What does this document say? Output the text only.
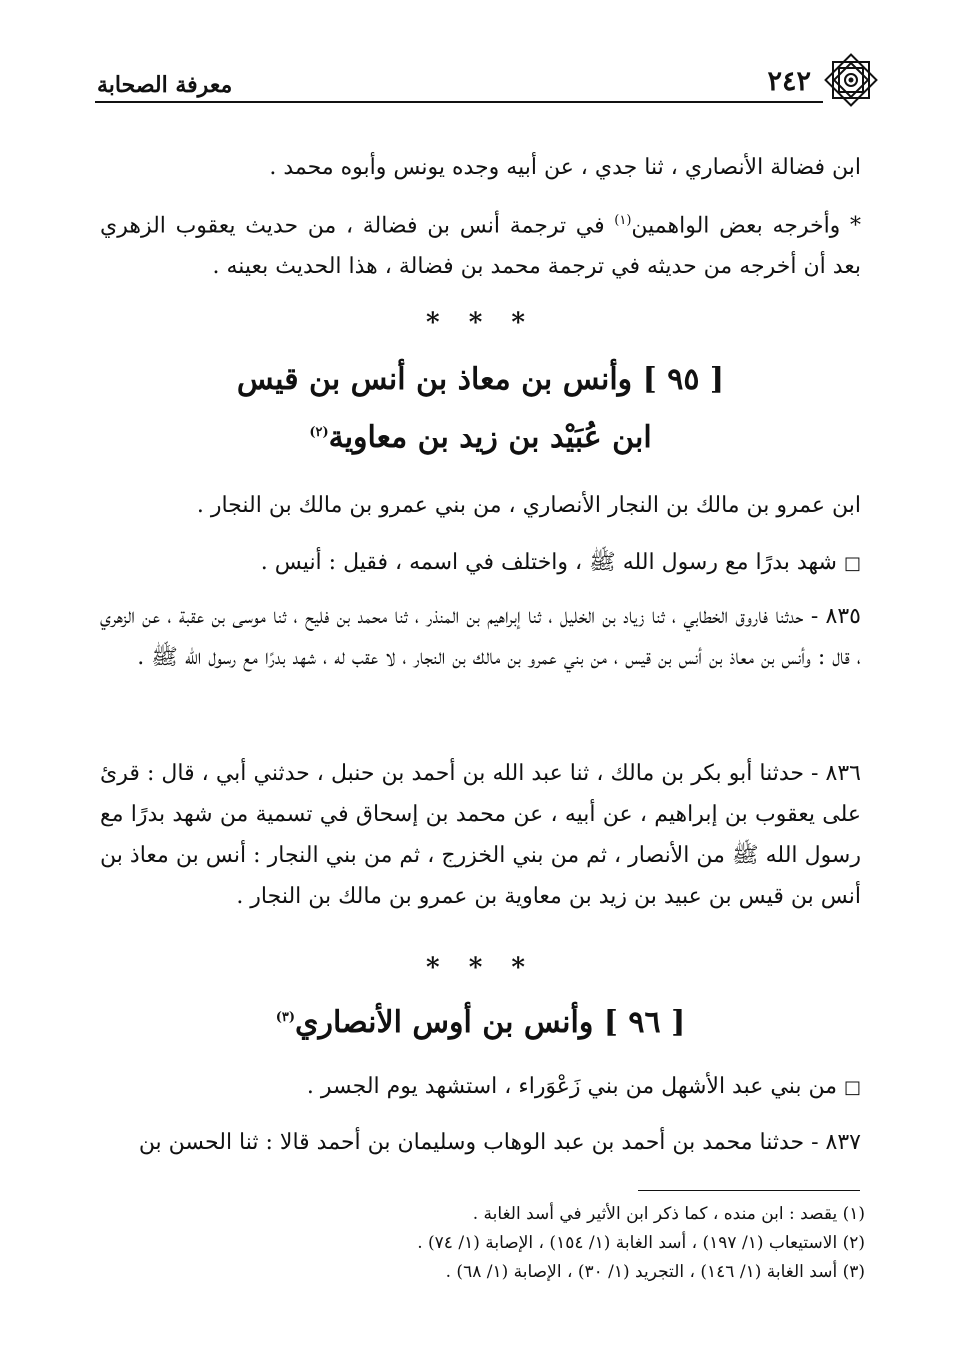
٢٤٢
معرفة الصحابة

ابن فضالة الأنصاري ، ثنا جدي ، عن أبيه وجده يونس وأبوه محمد .

* وأخرجه بعض الواهمين$^{(١)}$ في ترجمة أنس بن فضالة ، من حديث يعقوب الزهري بعد أن أخرجه من حديثه في ترجمة محمد بن فضالة ، هذا الحديث بعينه .

* * *
[ ٩٥ ] وأنس بن معاذ بن أنس بن قيس
ابن عُبَيْد بن زيد بن معاوية$^{(٢)}$

ابن عمرو بن مالك بن النجار الأنصاري ، من بني عمرو بن مالك بن النجار .

□ شهد بدرًا مع رسول الله ﷺ ، واختلف في اسمه ، فقيل : أنيس .

٨٣٥ - حدثنا فاروق الخطابي ، ثنا زياد بن الخليل ، ثنا إبراهيم بن المنذر ، ثنا محمد بن فليح ، ثنا موسى بن عقبة ، عن الزهري ، قال : وأنس بن معاذ بن أنس بن قيس ، من بني عمرو بن مالك بن النجار ، لا عقب له ، شهد بدرًا مع رسول الله ﷺ .

٨٣٦ - حدثنا أبو بكر بن مالك ، ثنا عبد الله بن أحمد بن حنبل ، حدثني أبي ، قال : قرئ على يعقوب بن إبراهيم ، عن أبيه ، عن محمد بن إسحاق في تسمية من شهد بدرًا مع رسول الله ﷺ من الأنصار ، ثم من بني الخزرج ، ثم من بني النجار : أنس بن معاذ بن أنس بن قيس بن عبيد بن زيد بن معاوية بن عمرو بن مالك بن النجار .

* * *
[ ٩٦ ] وأنس بن أوس الأنصاري$^{(٣)}$

□ من بني عبد الأشهل من بني زَعْوَراء ، استشهد يوم الجسر .

٨٣٧ - حدثنا محمد بن أحمد بن عبد الوهاب وسليمان بن أحمد قالا : ثنا الحسن بن

(١) يقصد : ابن منده ، كما ذكر ابن الأثير في أسد الغابة .
(٢) الاستيعاب (١/ ١٩٧) ، أسد الغابة (١/ ١٥٤) ، الإصابة (١/ ٧٤) .
(٣) أسد الغابة (١/ ١٤٦) ، التجريد (١/ ٣٠) ، الإصابة (١/ ٦٨) .
